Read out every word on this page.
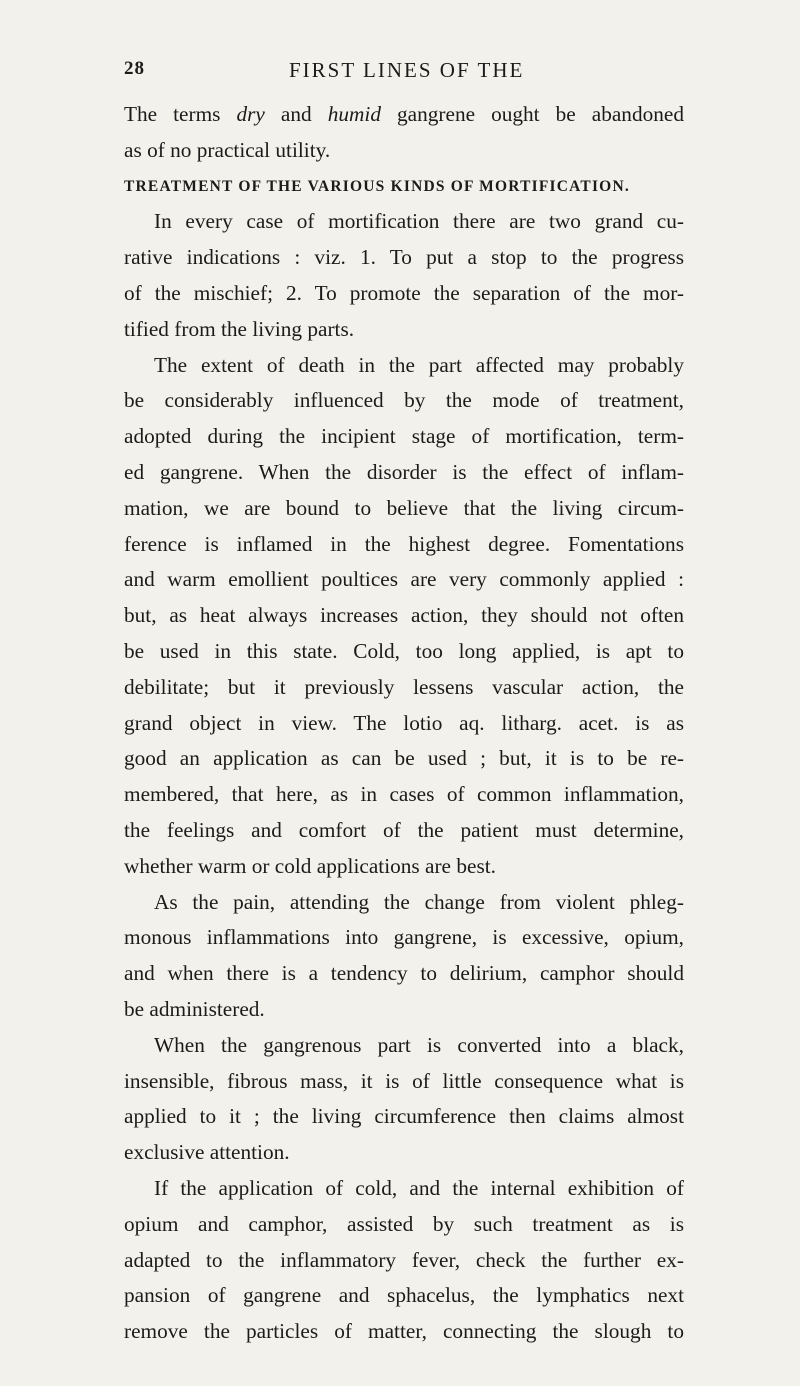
28	FIRST LINES OF THE
The terms dry and humid gangrene ought be abandoned
as of no practical utility.
TREATMENT OF THE VARIOUS KINDS OF MORTIFICATION.
In every case of mortification there are two grand cu-
rative indications : viz. 1. To put a stop to the progress
of the mischief; 2. To promote the separation of the mor-
tified from the living parts.
The extent of death in the part affected may probably
be considerably influenced by the mode of treatment,
adopted during the incipient stage of mortification, term-
ed gangrene. When the disorder is the effect of inflam-
mation, we are bound to believe that the living circum-
ference is inflamed in the highest degree. Fomentations
and warm emollient poultices are very commonly applied :
but, as heat always increases action, they should not often
be used in this state. Cold, too long applied, is apt to
debilitate; but it previously lessens vascular action, the
grand object in view. The lotio aq. litharg. acet. is as
good an application as can be used ; but, it is to be re-
membered, that here, as in cases of common inflammation,
the feelings and comfort of the patient must determine,
whether warm or cold applications are best.
As the pain, attending the change from violent phleg-
monous inflammations into gangrene, is excessive, opium,
and when there is a tendency to delirium, camphor should
be administered.
When the gangrenous part is converted into a black,
insensible, fibrous mass, it is of little consequence what is
applied to it ; the living circumference then claims almost
exclusive attention.
If the application of cold, and the internal exhibition of
opium and camphor, assisted by such treatment as is
adapted to the inflammatory fever, check the further ex-
pansion of gangrene and sphacelus, the lymphatics next
remove the particles of matter, connecting the slough to
